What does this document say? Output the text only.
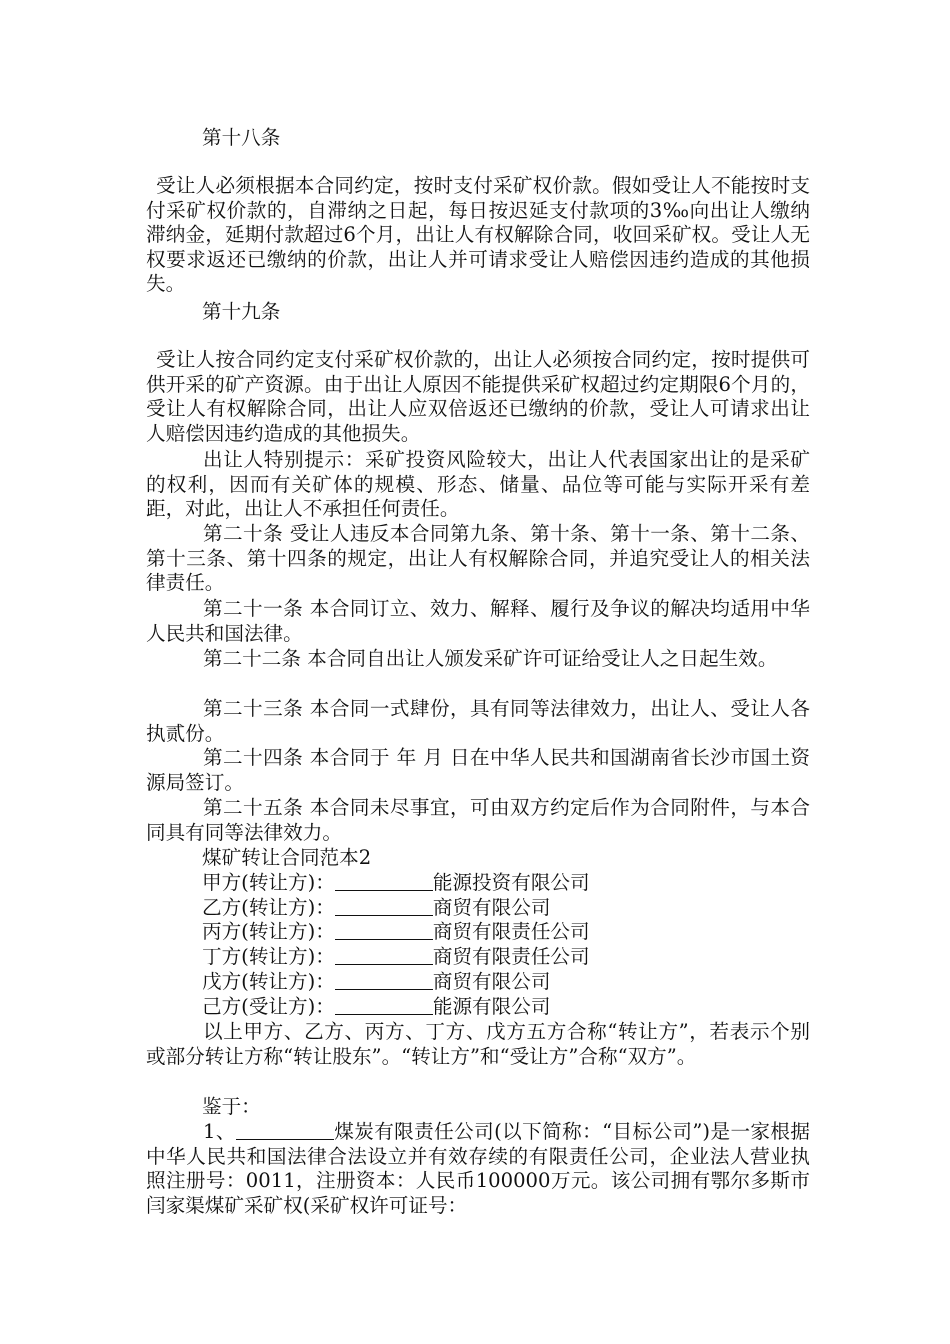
第十八条

受让人必须根据本合同约定，按时支付采矿权价款。假如受让人不能按时支付采矿权价款的，自滞纳之日起，每日按迟延支付款项的3‰向出让人缴纳滞纳金，延期付款超过6个月，出让人有权解除合同，收回采矿权。受让人无权要求返还已缴纳的价款，出让人并可请求受让人赔偿因违约造成的其他损失。

第十九条

受让人按合同约定支付采矿权价款的，出让人必须按合同约定，按时提供可供开采的矿产资源。由于出让人原因不能提供采矿权超过约定期限6个月的，受让人有权解除合同，出让人应双倍返还已缴纳的价款，受让人可请求出让人赔偿因违约造成的其他损失。

出让人特别提示：采矿投资风险较大，出让人代表国家出让的是采矿的权利，因而有关矿体的规模、形态、储量、品位等可能与实际开采有差距，对此，出让人不承担任何责任。

第二十条 受让人违反本合同第九条、第十条、第十一条、第十二条、第十三条、第十四条的规定，出让人有权解除合同，并追究受让人的相关法律责任。

第二十一条 本合同订立、效力、解释、履行及争议的解决均适用中华人民共和国法律。

第二十二条 本合同自出让人颁发采矿许可证给受让人之日起生效。

第二十三条 本合同一式肆份，具有同等法律效力，出让人、受让人各执贰份。

第二十四条 本合同于 年 月 日在中华人民共和国湖南省长沙市国土资源局签订。

第二十五条 本合同未尽事宜，可由双方约定后作为合同附件，与本合同具有同等法律效力。

煤矿转让合同范本2

甲方(转让方)：	能源投资有限公司

乙方(转让方)：	商贸有限公司

丙方(转让方)：	商贸有限责任公司

丁方(转让方)：	商贸有限责任公司

戊方(转让方)：	商贸有限公司

己方(受让方)：	能源有限公司

以上甲方、乙方、丙方、丁方、戊方五方合称“转让方”，若表示个别或部分转让方称“转让股东”。“转让方”和“受让方”合称“双方”。

鉴于：

1、	煤炭有限责任公司(以下简称：“目标公司”)是一家根据中华人民共和国法律合法设立并有效存续的有限责任公司，企业法人营业执照注册号：0011，注册资本：人民币100000万元。该公司拥有鄂尔多斯市闫家渠煤矿采矿权(采矿权许可证号：
